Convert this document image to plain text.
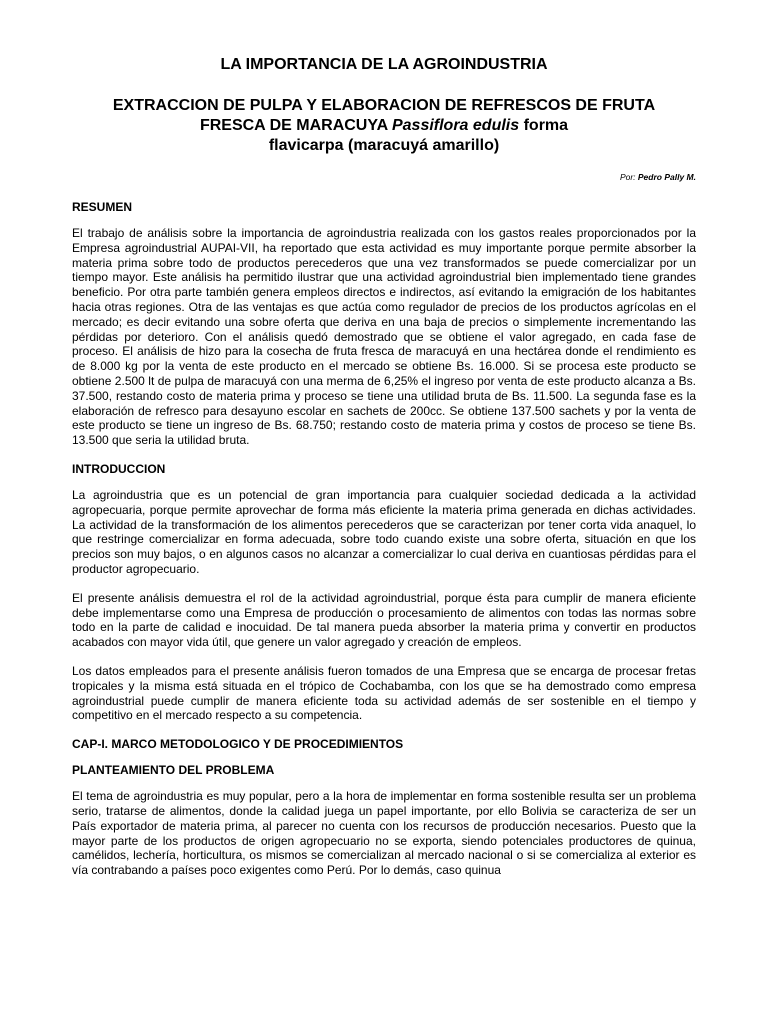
LA IMPORTANCIA DE LA AGROINDUSTRIA

EXTRACCION DE PULPA Y ELABORACION DE REFRESCOS DE FRUTA

FRESCA DE MARACUYA Passiflora edulis forma

flavicarpa (maracuyá amarillo)

Por: Pedro Pally M.
RESUMEN

El trabajo de análisis sobre la importancia de agroindustria realizada con los gastos reales proporcionados por la Empresa agroindustrial AUPAI-VII, ha reportado que esta actividad es muy importante porque permite absorber la materia prima sobre todo de productos perecederos que una vez transformados se puede comercializar por un tiempo mayor. Este análisis ha permitido ilustrar que una actividad agroindustrial bien implementado tiene grandes beneficio. Por otra parte también genera empleos directos e indirectos, así evitando la emigración de los habitantes hacia otras regiones. Otra de las ventajas es que actúa como regulador de precios de los productos agrícolas en el mercado; es decir evitando una sobre oferta que deriva en una baja de precios o simplemente incrementando las pérdidas por deterioro. Con el análisis quedó demostrado que se obtiene el valor agregado, en cada fase de proceso. El análisis de hizo para la cosecha de fruta fresca de maracuyá en una hectárea donde el rendimiento es de 8.000 kg por la venta de este producto en el mercado se obtiene Bs. 16.000. Si se procesa este producto se obtiene 2.500 lt de pulpa de maracuyá con una merma de 6,25% el ingreso por venta de este producto alcanza a Bs. 37.500, restando costo de materia prima y proceso se tiene una utilidad bruta de Bs. 11.500. La segunda fase es la elaboración de refresco para desayuno escolar en sachets de 200cc. Se obtiene 137.500 sachets y por la venta de este producto se tiene un ingreso de Bs. 68.750; restando costo de materia prima y costos de proceso se tiene Bs. 13.500 que seria la utilidad bruta.

INTRODUCCION

La agroindustria que es un potencial de gran importancia para cualquier sociedad dedicada a la actividad agropecuaria, porque permite aprovechar de forma más eficiente la materia prima generada en dichas actividades. La actividad de la transformación de los alimentos perecederos que se caracterizan por tener corta vida anaquel, lo que restringe comercializar en forma adecuada, sobre todo cuando existe una sobre oferta, situación en que los precios son muy bajos, o en algunos casos no alcanzar a comercializar lo cual deriva en cuantiosas pérdidas para el productor agropecuario.

El presente análisis demuestra el rol de la actividad agroindustrial, porque ésta para cumplir de manera eficiente debe implementarse como una Empresa de producción o procesamiento de alimentos con todas las normas sobre todo en la parte de calidad e inocuidad. De tal manera pueda absorber la materia prima y convertir en productos acabados con mayor vida útil, que genere un valor agregado y creación de empleos.

Los datos empleados para el presente análisis fueron tomados de una Empresa que se encarga de procesar fretas tropicales y la misma está situada en el trópico de Cochabamba, con los que se ha demostrado como empresa agroindustrial puede cumplir de manera eficiente toda su actividad además de ser sostenible en el tiempo y competitivo en el mercado respecto a su competencia.

CAP-I. MARCO METODOLOGICO Y DE PROCEDIMIENTOS
PLANTEAMIENTO DEL PROBLEMA

El tema de agroindustria es muy popular, pero a la hora de implementar en forma sostenible resulta ser un problema serio, tratarse de alimentos, donde la calidad juega un papel importante, por ello Bolivia se caracteriza de ser un País exportador de materia prima, al parecer no cuenta con los recursos de producción necesarios. Puesto que la mayor parte de los productos de origen agropecuario no se exporta, siendo potenciales productores de quinua, camélidos, lechería, horticultura, os mismos se comercializan al mercado nacional o si se comercializa al exterior es vía contrabando a países poco exigentes como Perú. Por lo demás, caso quinua
